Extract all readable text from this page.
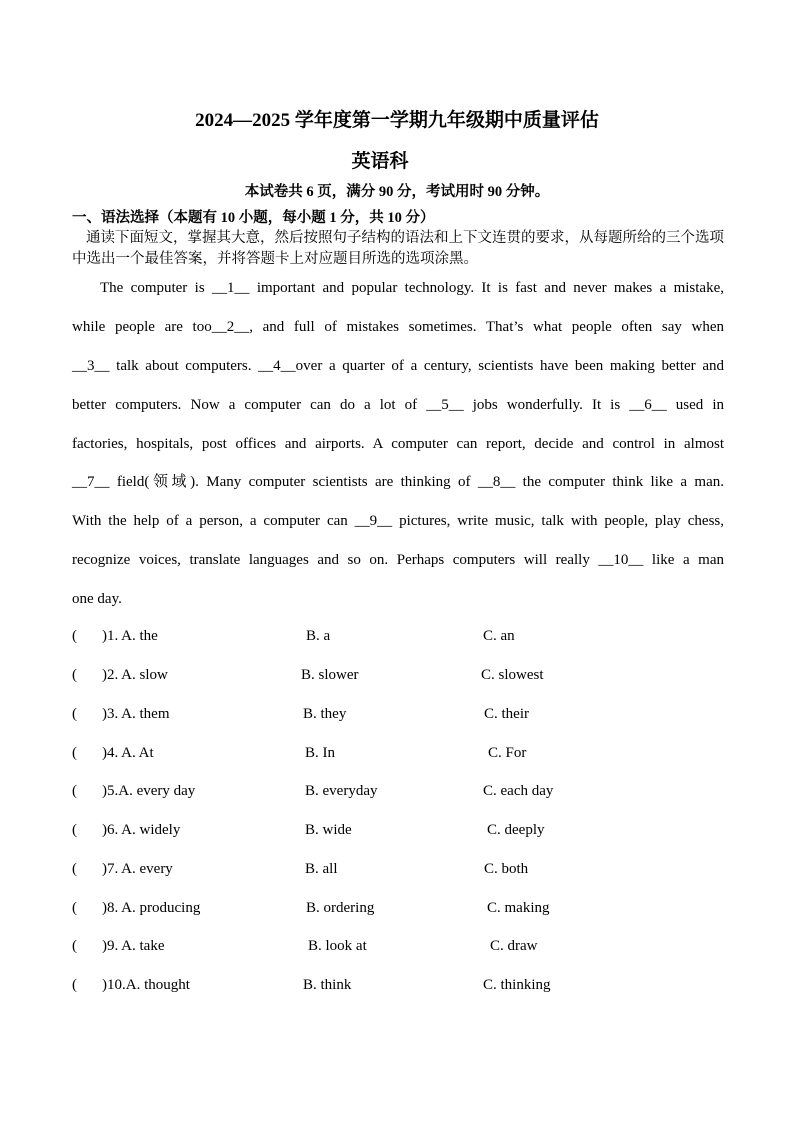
2024—2025 学年度第一学期九年级期中质量评估
英语科
本试卷共 6 页，满分 90 分，考试用时 90 分钟。
一、语法选择（本题有 10 小题，每小题 1 分，共 10 分）
通读下面短文，掌握其大意，然后按照句子结构的语法和上下文连贯的要求，从每题所给的三个选项中选出一个最佳答案，并将答题卡上对应题目所选的选项涂黑。
The computer is __1__ important and popular technology. It is fast and never makes a mistake,
while people are too__2__, and full of mistakes sometimes. That’s what people often say when
__3__ talk about computers. __4__over a quarter of a century, scientists have been making better and
better computers. Now a computer can do a lot of __5__ jobs wonderfully. It is __6__ used in
factories, hospitals, post offices and airports. A computer can report, decide and control in almost
__7__ field(领域). Many computer scientists are thinking of __8__ the computer think like a man.
With the help of a person, a computer can __9__ pictures, write music, talk with people, play chess,
recognize voices, translate languages and so on. Perhaps computers will really __10__ like a man
one day.
( )1. A. the	B. a	C. an
( )2. A. slow	B. slower	C. slowest
( )3. A. them	B. they	C. their
( )4. A. At	B. In	C. For
( )5.A. every day	B. everyday	C. each day
( )6. A. widely	B. wide	C. deeply
( )7. A. every	B. all	C. both
( )8. A. producing	B. ordering	C. making
( )9. A. take	B. look at	C. draw
( )10.A. thought	B. think	C. thinking
